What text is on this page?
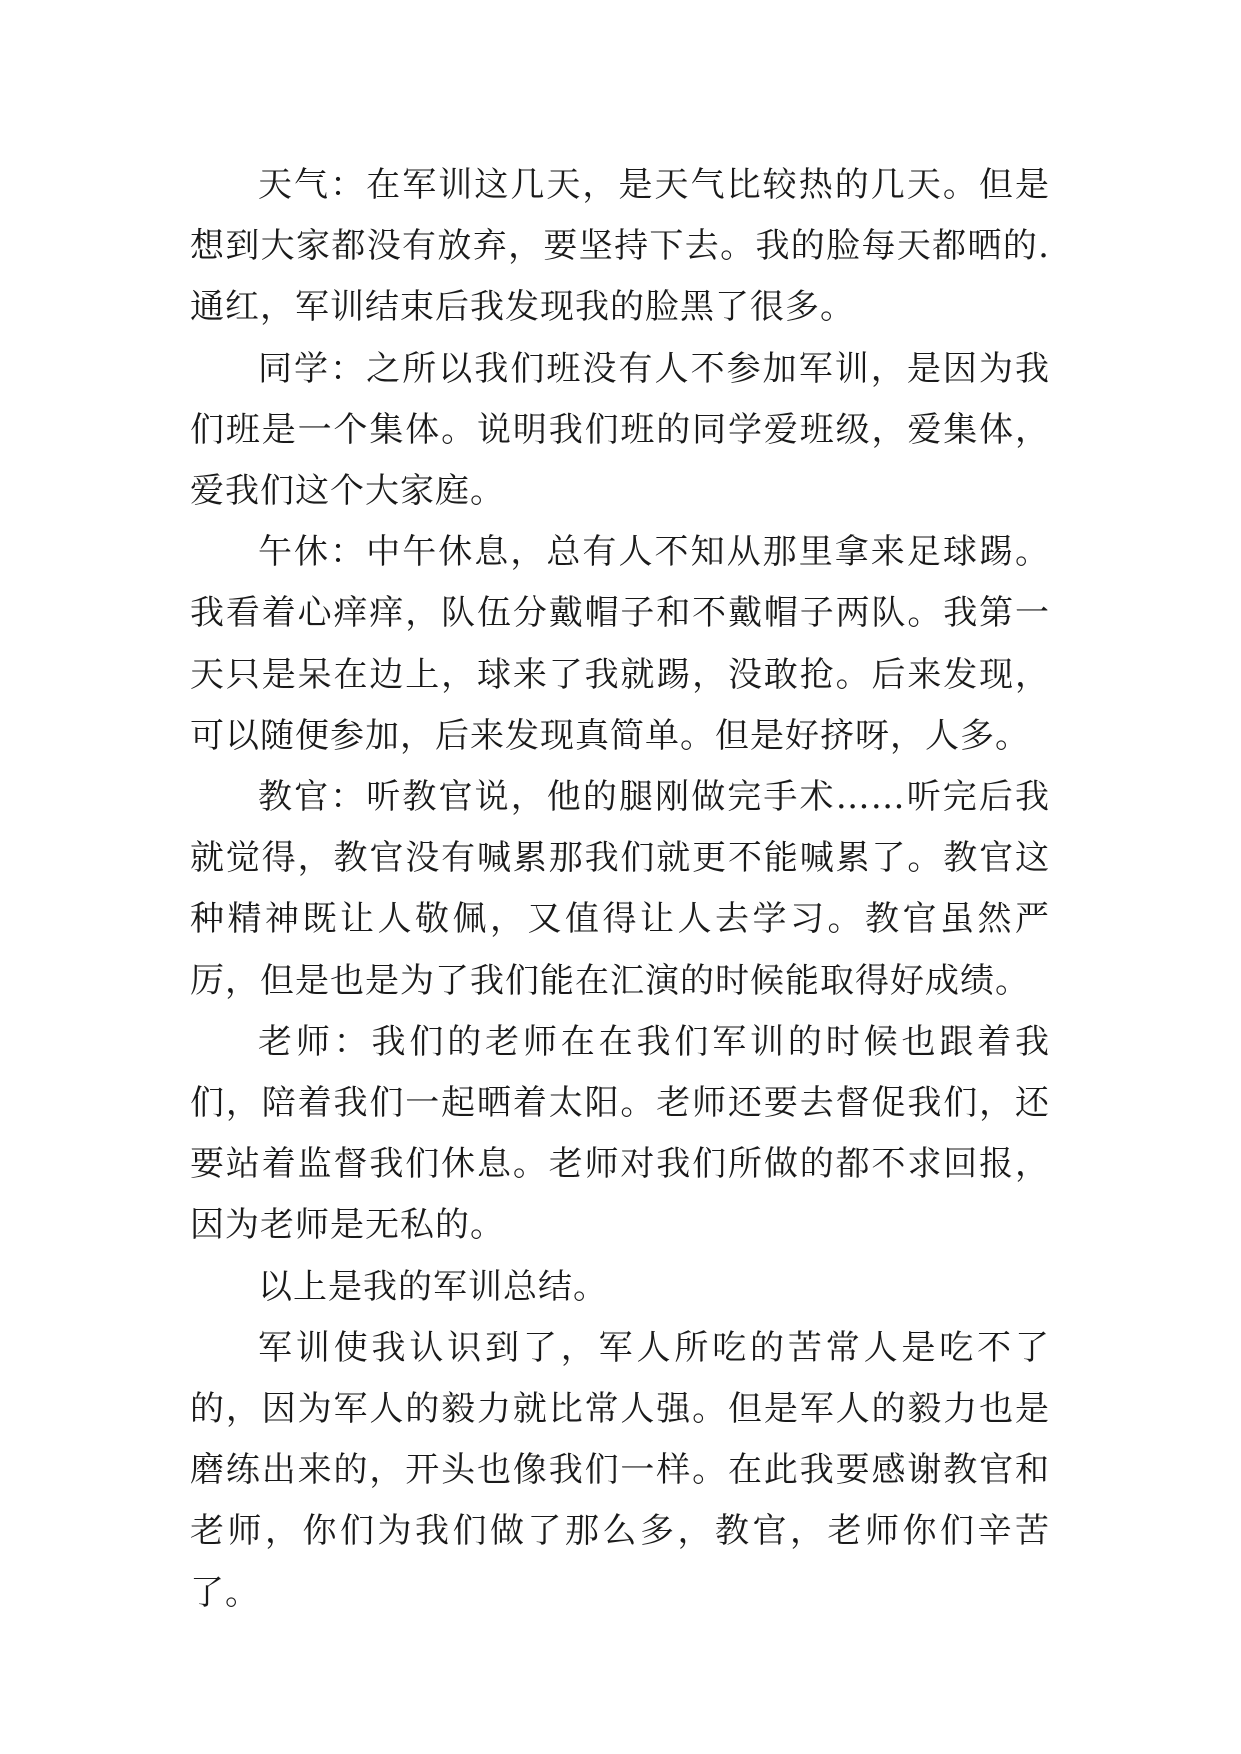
天气：在军训这几天，是天气比较热的几天。但是想到大家都没有放弃，要坚持下去。我的脸每天都晒的.通红，军训结束后我发现我的脸黑了很多。

同学：之所以我们班没有人不参加军训，是因为我们班是一个集体。说明我们班的同学爱班级，爱集体，爱我们这个大家庭。

午休：中午休息，总有人不知从那里拿来足球踢。我看着心痒痒，队伍分戴帽子和不戴帽子两队。我第一天只是呆在边上，球来了我就踢，没敢抢。后来发现，可以随便参加，后来发现真简单。但是好挤呀，人多。

教官：听教官说，他的腿刚做完手术……听完后我就觉得，教官没有喊累那我们就更不能喊累了。教官这种精神既让人敬佩，又值得让人去学习。教官虽然严厉，但是也是为了我们能在汇演的时候能取得好成绩。

老师：我们的老师在在我们军训的时候也跟着我们，陪着我们一起晒着太阳。老师还要去督促我们，还要站着监督我们休息。老师对我们所做的都不求回报，因为老师是无私的。

以上是我的军训总结。

军训使我认识到了，军人所吃的苦常人是吃不了的，因为军人的毅力就比常人强。但是军人的毅力也是磨练出来的，开头也像我们一样。在此我要感谢教官和老师，你们为我们做了那么多，教官，老师你们辛苦了。
